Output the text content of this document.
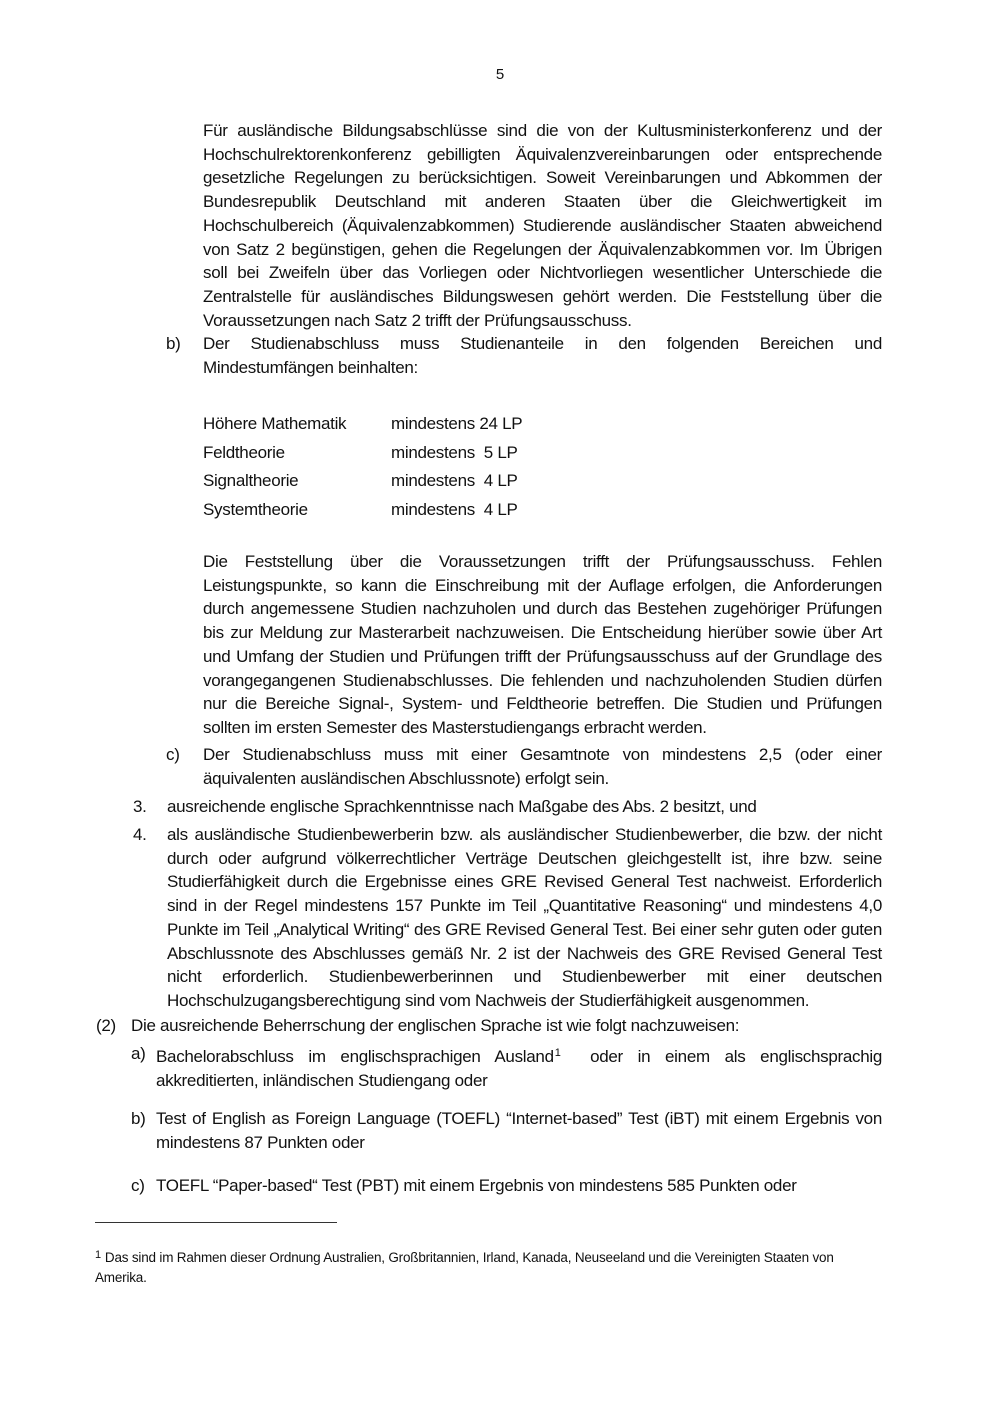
5
Für ausländische Bildungsabschlüsse sind die von der Kultusministerkonferenz und der Hochschulrektorenkonferenz gebilligten Äquivalenzvereinbarungen oder entsprechende gesetzliche Regelungen zu berücksichtigen. Soweit Vereinbarungen und Abkommen der Bundesrepublik Deutschland mit anderen Staaten über die Gleichwertigkeit im Hochschulbereich (Äquivalenzabkommen) Studierende ausländischer Staaten abweichend von Satz 2 begünstigen, gehen die Regelungen der Äquivalenzabkommen vor. Im Übrigen soll bei Zweifeln über das Vorliegen oder Nichtvorliegen wesentlicher Unterschiede die Zentralstelle für ausländisches Bildungswesen gehört werden. Die Feststellung über die Voraussetzungen nach Satz 2 trifft der Prüfungsausschuss.
b) Der Studienabschluss muss Studienanteile in den folgenden Bereichen und Mindestumfängen beinhalten:
Höhere Mathematik	mindestens 24 LP
Feldtheorie	mindestens  5 LP
Signaltheorie	mindestens  4 LP
Systemtheorie	mindestens  4 LP
Die Feststellung über die Voraussetzungen trifft der Prüfungsausschuss. Fehlen Leistungspunkte, so kann die Einschreibung mit der Auflage erfolgen, die Anforderungen durch angemessene Studien nachzuholen und durch das Bestehen zugehöriger Prüfungen bis zur Meldung zur Masterarbeit nachzuweisen. Die Entscheidung hierüber sowie über Art und Umfang der Studien und Prüfungen trifft der Prüfungsausschuss auf der Grundlage des vorangegangenen Studienabschlusses. Die fehlenden und nachzuholenden Studien dürfen nur die Bereiche Signal-, System- und Feldtheorie betreffen. Die Studien und Prüfungen sollten im ersten Semester des Masterstudiengangs erbracht werden.
c) Der Studienabschluss muss mit einer Gesamtnote von mindestens 2,5 (oder einer äquivalenten ausländischen Abschlussnote) erfolgt sein.
3. ausreichende englische Sprachkenntnisse nach Maßgabe des Abs. 2 besitzt, und
4. als ausländische Studienbewerberin bzw. als ausländischer Studienbewerber, die bzw. der nicht durch oder aufgrund völkerrechtlicher Verträge Deutschen gleichgestellt ist, ihre bzw. seine Studierfähigkeit durch die Ergebnisse eines GRE Revised General Test nachweist. Erforderlich sind in der Regel mindestens 157 Punkte im Teil „Quantitative Reasoning“ und mindestens 4,0 Punkte im Teil „Analytical Writing“ des GRE Revised General Test. Bei einer sehr guten oder guten Abschlussnote des Abschlusses gemäß Nr. 2 ist der Nachweis des GRE Revised General Test nicht erforderlich. Studienbewerberinnen und Studienbewerber mit einer deutschen Hochschulzugangsberechtigung sind vom Nachweis der Studierfähigkeit ausgenommen.
(2) Die ausreichende Beherrschung der englischen Sprache ist wie folgt nachzuweisen:
a) Bachelorabschluss im englischsprachigen Ausland$^1$  oder in einem als englischsprachig akkreditierten, inländischen Studiengang oder
b) Test of English as Foreign Language (TOEFL) “Internet-based” Test (iBT) mit einem Ergebnis von mindestens 87 Punkten oder
c) TOEFL “Paper-based“ Test (PBT) mit einem Ergebnis von mindestens 585 Punkten oder
$^1$ Das sind im Rahmen dieser Ordnung Australien, Großbritannien, Irland, Kanada, Neuseeland und die Vereinigten Staaten von Amerika.
